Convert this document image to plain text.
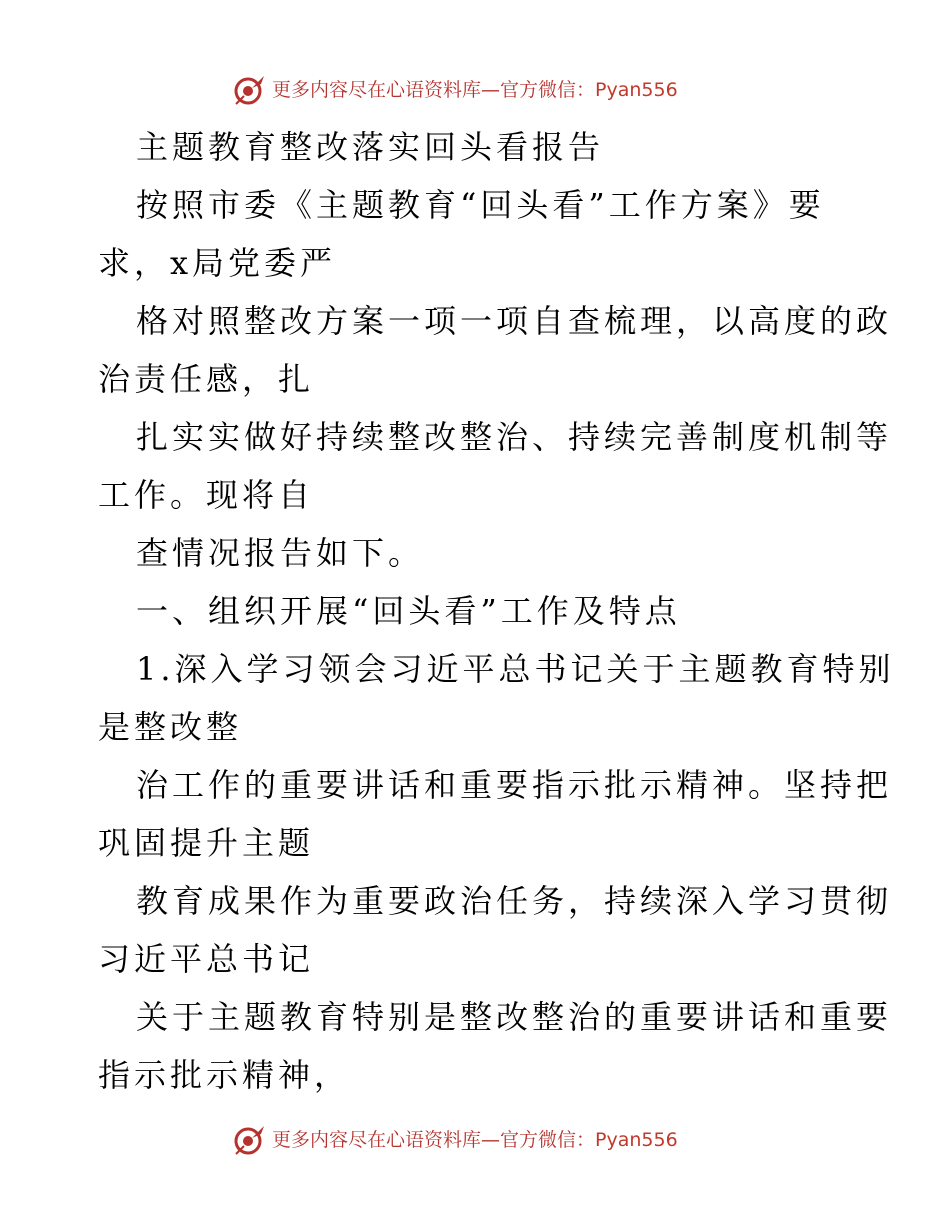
更多内容尽在心语资料库—官方微信： Pyan556
主题教育整改落实回头看报告
按照市委《主题教育“回头看”工作方案》要
求，x局党委严
格对照整改方案一项一项自查梳理，以高度的政
治责任感，扎
扎实实做好持续整改整治、持续完善制度机制等
工作。现将自
查情况报告如下。
一、组织开展“回头看”工作及特点
1.深入学习领会习近平总书记关于主题教育特别
是整改整
治工作的重要讲话和重要指示批示精神。坚持把
巩固提升主题
教育成果作为重要政治任务，持续深入学习贯彻
习近平总书记
关于主题教育特别是整改整治的重要讲话和重要
指示批示精神，
更多内容尽在心语资料库—官方微信： Pyan556
